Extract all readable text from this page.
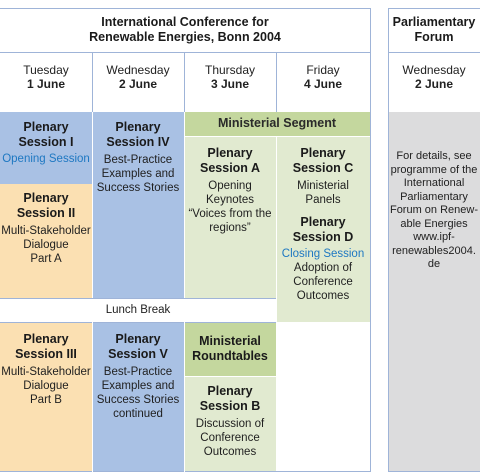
International Conference for
Renewable Energies, Bonn 2004
Parliamentary
Forum
Tuesday
1 June
Wednesday
2 June
Thursday
3 June
Friday
4 June
Wednesday
2 June
Plenary
Session I
Opening Session
Plenary
Session II
Multi-Stakeholder
Dialogue
Part A
Plenary
Session IV
Best-Practice
Examples and
Success Stories
Ministerial Segment
Plenary
Session A
Opening
Keynotes
“Voices from the
regions”
Plenary
Session C
Ministerial
Panels
Plenary
Session D
Closing Session
Adoption of
Conference
Outcomes
Lunch Break
Plenary
Session III
Multi-Stakeholder
Dialogue
Part B
Plenary
Session V
Best-Practice
Examples and
Success Stories
continued
Ministerial
Roundtables
Plenary
Session B
Discussion of
Conference
Outcomes
For details, see
programme of the International
Parliamentary
Forum on Renew-
able Energies
www.ipf-
renewables2004.
de
